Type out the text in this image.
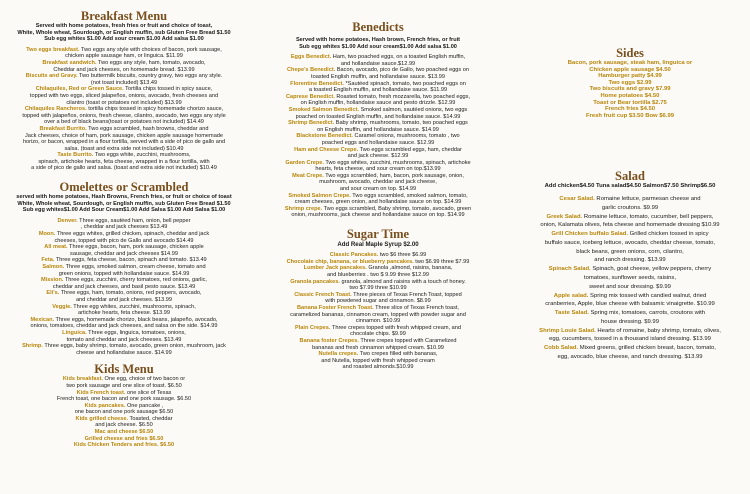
Breakfast Menu
Served with home potatoes, fresh fries or fruit and choice of toast,
White, Whole wheat, Sourdough, or English muffin, sub Gluten Free Bread $1.50
Sub egg whites $1.00 Add sour cream $1.00 Add salsa $1.00
Two eggs breakfast. Two eggs any style with choices of bacon, pork sausage,
chicken apple sausage ham, or linguica. $11.99
Breakfast sandwich. Two eggs any style, ham, tomato, avocado,
Cheddar and jack cheeses, on homemade bread. $13.99
Biscuits and Gravy. Two buttermilk biscuits, country gravy, two eggs any style.
(not toast included) $13.49
Chilaquiles, Red or Green Sauce. Tortilla chips tossed in spicy sauce,
topped with two eggs, sliced jalapeños, onions, avocado, fresh cheeses and
cilantro (toast or potatoes not included) $13.99
Chilaquiles Rancheros. tortilla chips tossed in spicy homemade chorizo sauce,
topped with jalapeños, onions, fresh cheese, cilantro, avocado, two eggs any style
over a bed of black beans(toast or potatoes not included) $14.49
Breakfast Burrito. Two eggs scrambled, hash browns, cheddar and
Jack cheeses, choice of ham, pork sausage, chicken apple sausage homemade
horizo, or bacon, wrapped in a flour tortilla, served with a side of pico de gallo and
salsa. (toast and extra side not included) $10.49
Taste Burrito. Two eggs white, zucchini, mushrooms,
spinach, artichoke hearts, feta cheese, wrapped in a flour tortilla, with
a side of pico de gallo and salsa. (toast and extra side not included) $10.49
Omelettes or Scrambled
served with home potatoes, Hash Browns, French fries, or fruit or choice of toast
White, Whole wheat, Sourdough, or English muffin, sub Gluten Free Bread $1.50
Sub egg whites$1.00 Add Sour Cream$1.00 Add Salsa $1.00 Add Salsa $1.00
Denver. Three eggs, sautéed ham, onion, bell pepper
, cheddar and jack cheeses $13.49
Moon. Three eggs whites, grilled chicken, spinach, cheddar and jack
cheeses, topped with pico de Gallo and avocado $14.49
All meat. Three eggs, bacon, ham, pork sausage, chicken apple
sausage, cheddar and jack cheeses $14.99
Feta. Three eggs, feta cheese, bacon, spinach and tomato. $13.49
Salmon. Three eggs, smoked salmon, cream cheese, tomato and
green onions, topped with hollandaise sauce. $14.99
Mission. Three eggs, zucchini, cherry tomatoes, red onions, garlic,
cheddar and jack cheeses, and basil pesto sauce. $13.49
Eli's. Three eggs, ham, tomato, onions, red peppers, avocado,
and cheddar and jack cheeses. $13.99
Veggie. Three egg whites, zucchini, mushrooms, spinach,
artichoke hearts, feta cheese. $13.99
Mexican. Three eggs, homemade chorizo, black beans, jalapeño, avocado,
onions, tomatoes, cheddar and jack cheeses, and salsa on the side. $14.99
Linguica. Three eggs, linguica, tomatoes, onions,
tomato and cheddar and jack cheeses. $13.49
Shrimp. Three eggs, baby shrimp, tomato, avocado, green onion, mushroom, jack
cheese and hollandaise sauce. $14.99
Kids Menu
Kids breakfast. One egg, choice of two bacon or
two pork sausage and one slice of toast. $6.50
Kids French toast. one slice of Texas
French toast, one bacon and one pork sausage. $6.50
Kids pancakes. One pancake ,
one bacon and one pork sausage $6.50
Kids grilled cheese. Toasted, cheddar
and jack cheese. $6.50
Mac and cheese $6.50
Grilled cheese and fries $6.50
Kids Chicken Tenders and fries. $6.50
Benedicts
Served with home potatoes, Hash brown, French fries, or fruit
Sub egg whites $1.00 Add sour cream$1.00 Add salsa $1.00
Eggs Benedict. Ham, two poached eggs, on a toasted English muffin,
and hollandaise sauce.$12.99
Chepe's Benedict. Bacon, avocado, pico de Gallo, two poached eggs on
toasted English muffin, and hollandaise sauce. $13.99
Florentine Benedict. *Sautéed spinach, tomato, two poached eggs on
a toasted English muffin, and hollandaise sauce. $11.99
Caprese Benedict. Roasted tomato, fresh mozzarella, two poached eggs,
on English muffin, hollandaise sauce and pesto drizzle. $12.99
Smoked Salmon Benedict. Smoked salmon, sautéed onions, two eggs
poached on toasted English muffin, and hollandaise sauce. $14.99
Shrimp Benedict. Baby shrimp, mushrooms, tomato, two poached eggs
on English muffin, and hollandaise sauce. $14.99
Blackstone Benedict. Caramel onions, mushrooms, tomato , two
poached eggs and hollandaise sauce. $12.99
Ham and Cheese Crepe. Two eggs scrambled eggs, ham, cheddar
and jack cheese. $12.99
Garden Crepe. Two eggs whites, zucchini, mushrooms, spinach, artichoke
hearts, feta cheese, and sour cream on top.$13.99
Meat Crepe. Two eggs scrambled, ham, bacon, pork sausage, onion,
mushroom, avocado, cheddar and jack cheese,
and sour cream on top. $14.99
Smoked Salmon Crepe. Two eggs scrambled, smoked salmon, tomato,
cream cheeses, green onion, and hollandaise sauce on top. $14.99
Shrimp crepe. Two eggs scrambled, Baby shrimp, tomato, avocado, green
onion, mushrooms, jack cheese and hollandaise sauce on top. $14.99
Sugar Time
Add Real Maple Syrup $2.00
Classic Pancakes. two $6 three $6.99
Chocolate chip, banana, or blueberry pancakes. two $6.99 three $7.99
Lumber Jack pancakes. Granola ,almond, raisins, banana,
and blueberries . two $ 9.99 three $12.99
Granola pancakes. granola, almond and raisins with a touch of honey.
two $7.99 three $10.99
Classic French Toast. Three pieces of Texas French Toast, topped
with powdered sugar and cinnamon. $8.99
Banana Foster French Toast. Three slice of Texas French toast,
caramelized bananas, cinnamon cream, topped with powder sugar and
cinnamon. $10.99
Plain Crepes. Three crepes topped with fresh whipped cream, and
chocolate chips. $9.99
Banana foster Crepes. Three crepes topped with Caramelized
bananas and fresh cinnamon whipped cream. $10.99
Nutella crepes. Two crepes filled with bananas,
and Nutella, topped with fresh whipped cream
and roasted almonds.$10.99
Sides
Bacon, pork sausage, steak ham, linguica or
Chicken apple sausage $4.50
Hamburger patty $4.99
Two eggs $2.99
Two biscuits and gravy $7.99
Home potatoes $4.50
Toast or Bear tortilla $2.75
French fries $4.50
Fresh fruit cup $3.50 Bow $6.99
Salad
Add chicken$4.50 Tuna salad$4.50 Salmon$7.50 Shrimp$6.50
Cesar Salad. Romaine lettuce, parmesan cheese and
garlic croutons. $9.99
Greek Salad. Romaine lettuce, tomato, cucumber, bell peppers,
onion, Kalamata olives, feta cheese and homemade dressing $10.99
Grill Chicken buffalo Salad. Grilled chicken tossed in spicy
buffalo sauce, iceberg lettuce, avocado, cheddar cheese, tomato,
black beans, green onions, corn, cilantro,
and ranch dressing. $13.99
Spinach Salad. Spinach, goat cheese, yellow peppers, cherry
tomatoes, sunflower seeds, raisins,
sweet and sour dressing. $9.99
Apple salad. Spring mix tossed with candied walnut, dried
cranberries, Apple, blue cheese with balsamic vinaigrette. $10.99
Taste Salad. Spring mix, tomatoes, carrots, croutons with
house dressing. $9.99
Shrimp Louie Salad. Hearts of romaine, baby shrimp, tomato, olives,
egg, cucumbers, tossed in a thousand island dressing. $13.99
Cobb Salad. Mixed greens, grilled chicken breast, bacon, tomato,
egg, avocado, blue cheese, and ranch dressing. $13.99
